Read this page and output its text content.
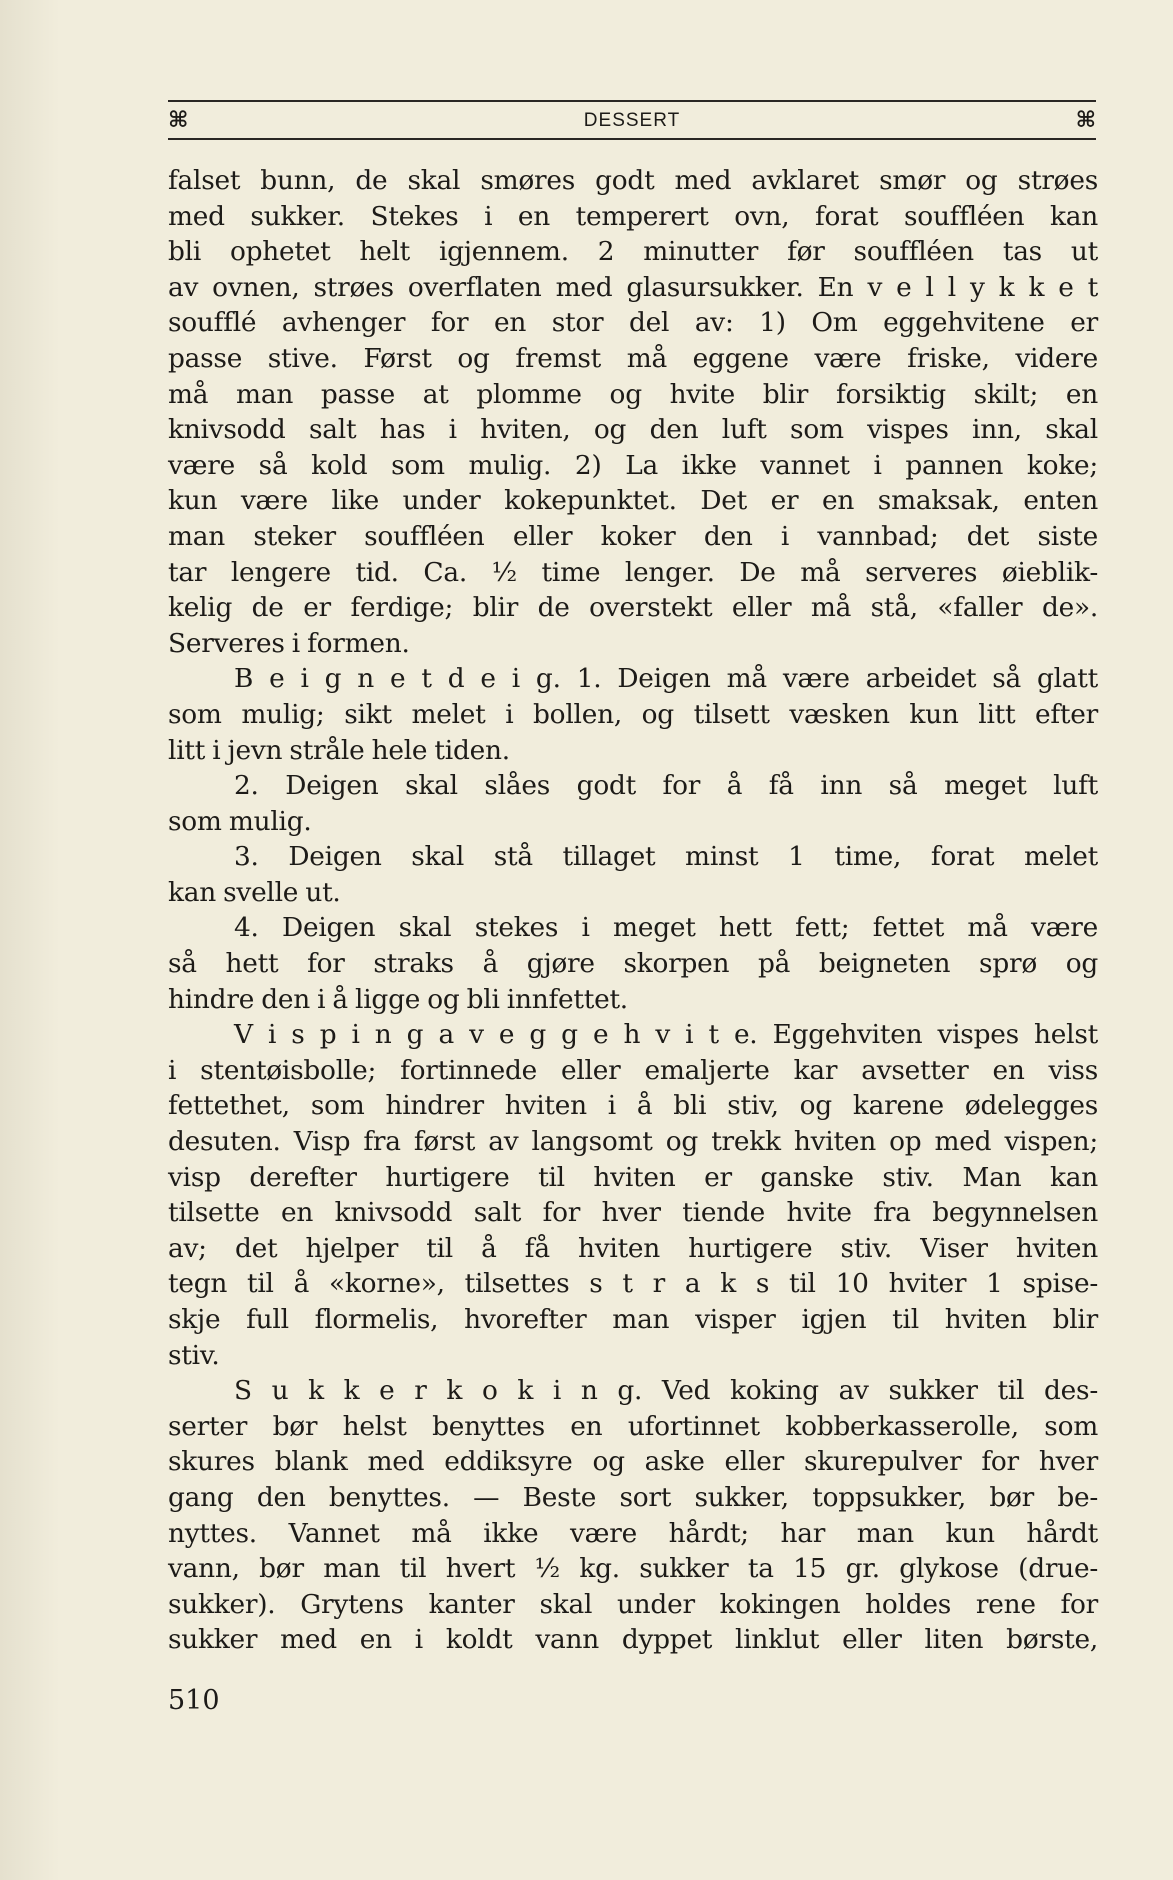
⌘	DESSERT	⌘
falset bunn, de skal smøres godt med avklaret smør og strøes
med sukker. Stekes i en temperert ovn, forat souffléen kan
bli ophetet helt igjennem. 2 minutter før souffléen tas ut
av ovnen, strøes overflaten med glasursukker. En v e l l y k k e t
soufflé avhenger for en stor del av: 1) Om eggehvitene er
passe stive. Først og fremst må eggene være friske, videre
må man passe at plomme og hvite blir forsiktig skilt; en
knivsodd salt has i hviten, og den luft som vispes inn, skal
være så kold som mulig. 2) La ikke vannet i pannen koke;
kun være like under kokepunktet. Det er en smaksak, enten
man steker souffléen eller koker den i vannbad; det siste
tar lengere tid. Ca. ½ time lenger. De må serveres øieblik-
kelig de er ferdige; blir de overstekt eller må stå, «faller de».
Serveres i formen.
B e i g n e t d e i g. 1. Deigen må være arbeidet så glatt
som mulig; sikt melet i bollen, og tilsett væsken kun litt efter
litt i jevn stråle hele tiden.
2. Deigen skal slåes godt for å få inn så meget luft
som mulig.
3. Deigen skal stå tillaget minst 1 time, forat melet
kan svelle ut.
4. Deigen skal stekes i meget hett fett; fettet må være
så hett for straks å gjøre skorpen på beigneten sprø og
hindre den i å ligge og bli innfettet.
V i s p i n g a v e g g e h v i t e. Eggehviten vispes helst
i stentøisbolle; fortinnede eller emaljerte kar avsetter en viss
fettethet, som hindrer hviten i å bli stiv, og karene ødelegges
desuten. Visp fra først av langsomt og trekk hviten op med vispen;
visp derefter hurtigere til hviten er ganske stiv. Man kan
tilsette en knivsodd salt for hver tiende hvite fra begynnelsen
av; det hjelper til å få hviten hurtigere stiv. Viser hviten
tegn til å «korne», tilsettes s t r a k s til 10 hviter 1 spise-
skje full flormelis, hvorefter man visper igjen til hviten blir
stiv.
S u k k e r k o k i n g. Ved koking av sukker til des-
serter bør helst benyttes en ufortinnet kobberkasserolle, som
skures blank med eddiksyre og aske eller skurepulver for hver
gang den benyttes. — Beste sort sukker, toppsukker, bør be-
nyttes. Vannet må ikke være hårdt; har man kun hårdt
vann, bør man til hvert ½ kg. sukker ta 15 gr. glykose (drue-
sukker). Grytens kanter skal under kokingen holdes rene for
sukker med en i koldt vann dyppet linklut eller liten børste,
510
